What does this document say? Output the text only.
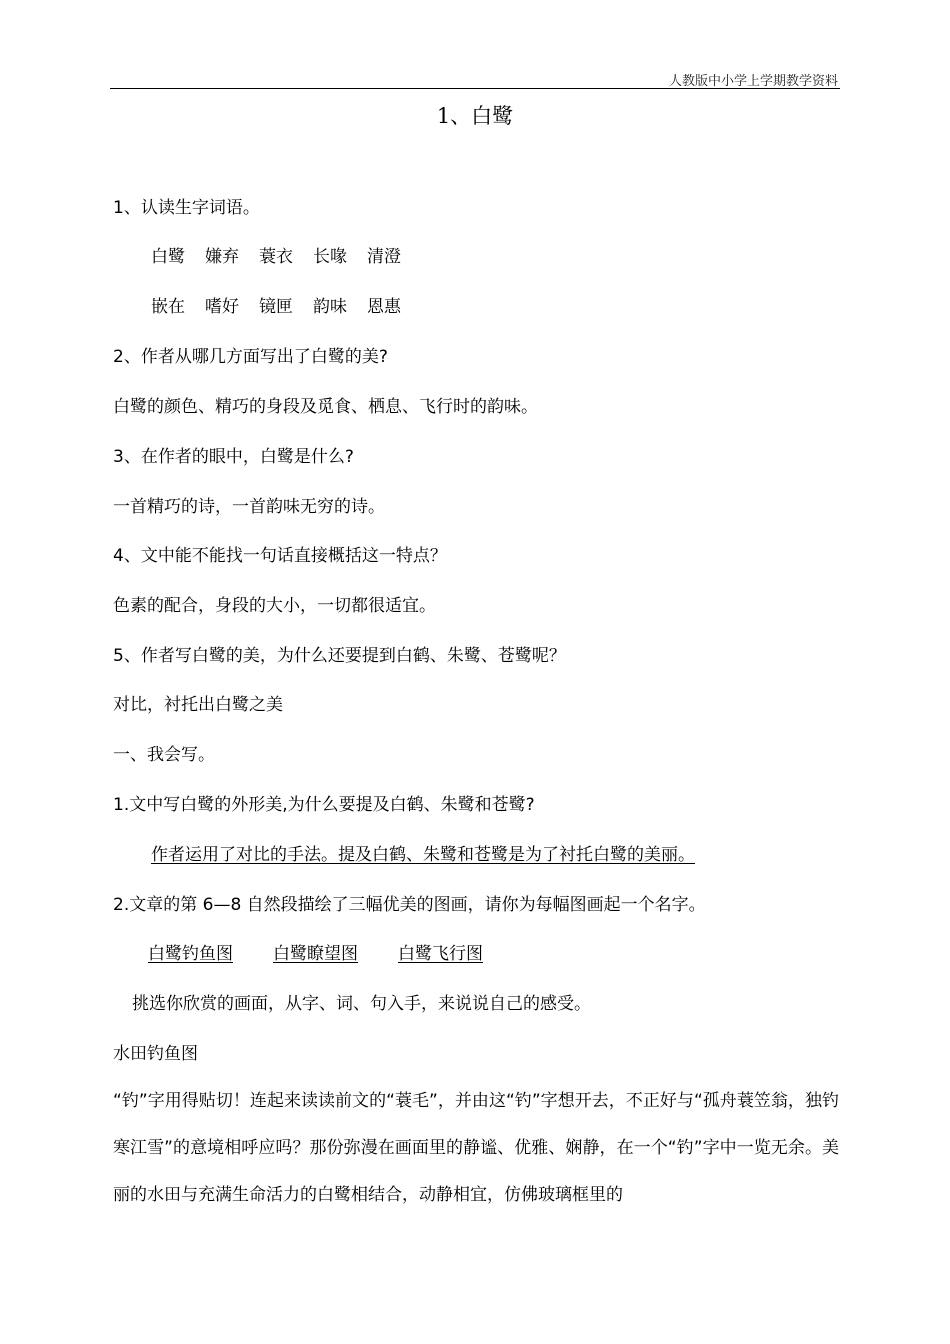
人教版中小学上学期教学资料
1、白鹭
1、认读生字词语。
白鹭 嫌弃 蓑衣 长喙 清澄
嵌在 嗜好 镜匣 韵味 恩惠
2、作者从哪几方面写出了白鹭的美?
白鹭的颜色、精巧的身段及觅食、栖息、飞行时的韵味。
3、在作者的眼中，白鹭是什么?
一首精巧的诗，一首韵味无穷的诗。
4、文中能不能找一句话直接概括这一特点？
色素的配合，身段的大小，一切都很适宜。
5、作者写白鹭的美，为什么还要提到白鹤、朱鹭、苍鹭呢？
对比，衬托出白鹭之美
一、我会写。
1.文中写白鹭的外形美,为什么要提及白鹤、朱鹭和苍鹭?
作者运用了对比的手法。提及白鹤、朱鹭和苍鹭是为了衬托白鹭的美丽。
2.文章的第 6—8 自然段描绘了三幅优美的图画，请你为每幅图画起一个名字。
白鹭钓鱼图 白鹭瞭望图 白鹭飞行图
挑选你欣赏的画面，从字、词、句入手，来说说自己的感受。
水田钓鱼图
“钓”字用得贴切！连起来读读前文的“蓑毛”，并由这“钓”字想开去，不正好与“孤舟蓑笠翁，独钓寒江雪”的意境相呼应吗？那份弥漫在画面里的静谧、优雅、娴静，在一个“钓”字中一览无余。美丽的水田与充满生命活力的白鹭相结合，动静相宜，仿佛玻璃框里的
